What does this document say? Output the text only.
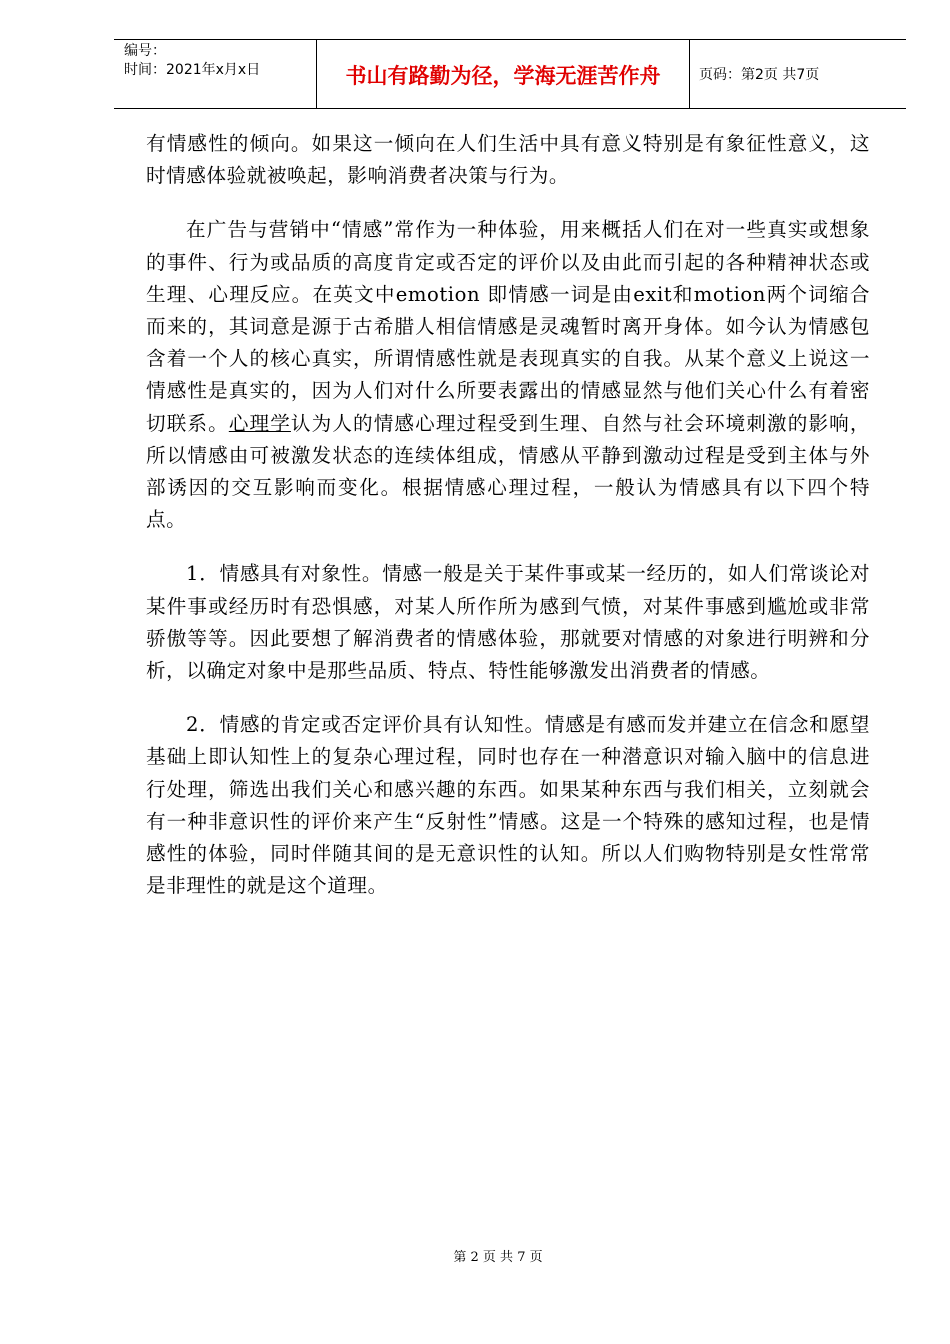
编号：
时间：2021年x月x日	书山有路勤为径，学海无涯苦作舟	页码：第2页 共7页

有情感性的倾向。如果这一倾向在人们生活中具有意义特别是有象征性意义，这时情感体验就被唤起，影响消费者决策与行为。

在广告与营销中“情感”常作为一种体验，用来概括人们在对一些真实或想象的事件、行为或品质的高度肯定或否定的评价以及由此而引起的各种精神状态或生理、心理反应。在英文中emotion 即情感一词是由exit和motion两个词缩合而来的，其词意是源于古希腊人相信情感是灵魂暂时离开身体。如今认为情感包含着一个人的核心真实，所谓情感性就是表现真实的自我。从某个意义上说这一情感性是真实的，因为人们对什么所要表露出的情感显然与他们关心什么有着密切联系。心理学认为人的情感心理过程受到生理、自然与社会环境刺激的影响，所以情感由可被激发状态的连续体组成，情感从平静到激动过程是受到主体与外部诱因的交互影响而变化。根据情感心理过程，一般认为情感具有以下四个特点。

1．情感具有对象性。情感一般是关于某件事或某一经历的，如人们常谈论对某件事或经历时有恐惧感，对某人所作所为感到气愤，对某件事感到尴尬或非常骄傲等等。因此要想了解消费者的情感体验，那就要对情感的对象进行明辨和分析，以确定对象中是那些品质、特点、特性能够激发出消费者的情感。

2．情感的肯定或否定评价具有认知性。情感是有感而发并建立在信念和愿望基础上即认知性上的复杂心理过程，同时也存在一种潜意识对输入脑中的信息进行处理，筛选出我们关心和感兴趣的东西。如果某种东西与我们相关，立刻就会有一种非意识性的评价来产生“反射性”情感。这是一个特殊的感知过程，也是情感性的体验，同时伴随其间的是无意识性的认知。所以人们购物特别是女性常常是非理性的就是这个道理。

第 2 页 共 7 页
